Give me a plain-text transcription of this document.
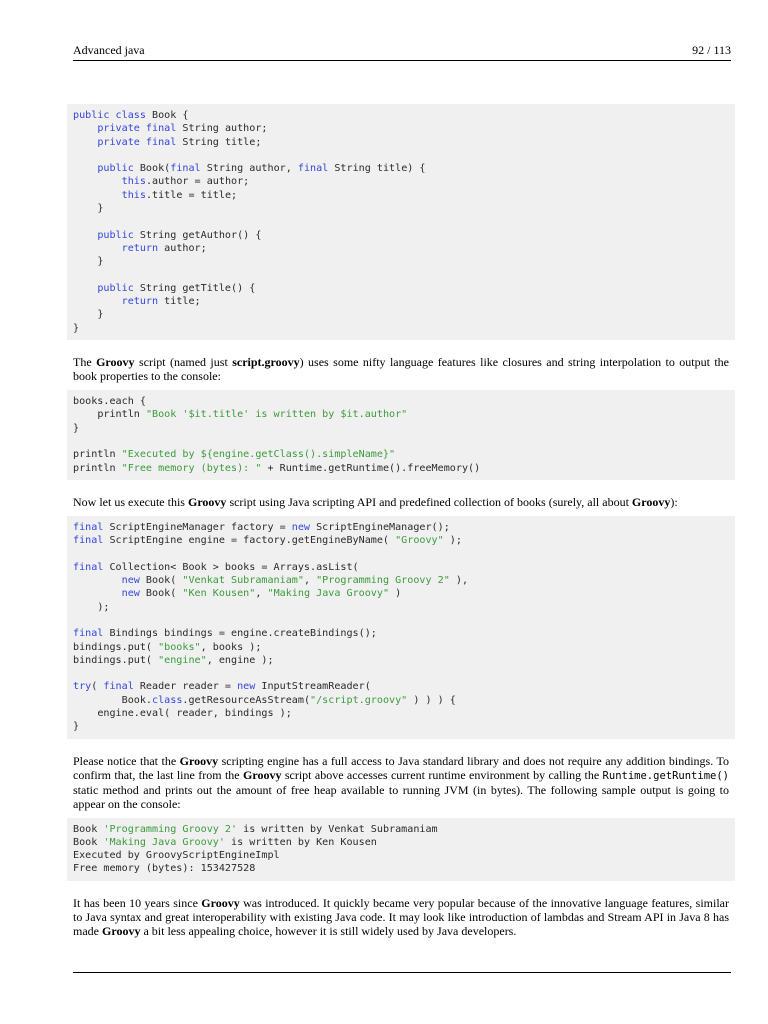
Advanced java	92 / 113
public class Book {
private final String author;
private final String title;

public Book(final String author, final String title) {
this.author = author;
this.title = title;
}

public String getAuthor() {
return author;
}

public String getTitle() {
return title;
}
}

The Groovy script (named just script.groovy) uses some nifty language features like closures and string interpolation to output the book properties to the console:

books.each {
println "Book '$it.title' is written by $it.author"
}

println "Executed by ${engine.getClass().simpleName}"
println "Free memory (bytes): " + Runtime.getRuntime().freeMemory()

Now let us execute this Groovy script using Java scripting API and predefined collection of books (surely, all about Groovy):

final ScriptEngineManager factory = new ScriptEngineManager();
final ScriptEngine engine = factory.getEngineByName( "Groovy" );

final Collection< Book > books = Arrays.asList(
new Book( "Venkat Subramaniam", "Programming Groovy 2" ),
new Book( "Ken Kousen", "Making Java Groovy" )
);

final Bindings bindings = engine.createBindings();
bindings.put( "books", books );
bindings.put( "engine", engine );

try( final Reader reader = new InputStreamReader(
Book.class.getResourceAsStream("/script.groovy" ) ) ) {
engine.eval( reader, bindings );
}

Please notice that the Groovy scripting engine has a full access to Java standard library and does not require any addition bindings. To confirm that, the last line from the Groovy script above accesses current runtime environment by calling the Runtime.getRuntime() static method and prints out the amount of free heap available to running JVM (in bytes). The following sample output is going to appear on the console:

Book 'Programming Groovy 2' is written by Venkat Subramaniam
Book 'Making Java Groovy' is written by Ken Kousen
Executed by GroovyScriptEngineImpl
Free memory (bytes): 153427528

It has been 10 years since Groovy was introduced. It quickly became very popular because of the innovative language features, similar to Java syntax and great interoperability with existing Java code. It may look like introduction of lambdas and Stream API in Java 8 has made Groovy a bit less appealing choice, however it is still widely used by Java developers.
